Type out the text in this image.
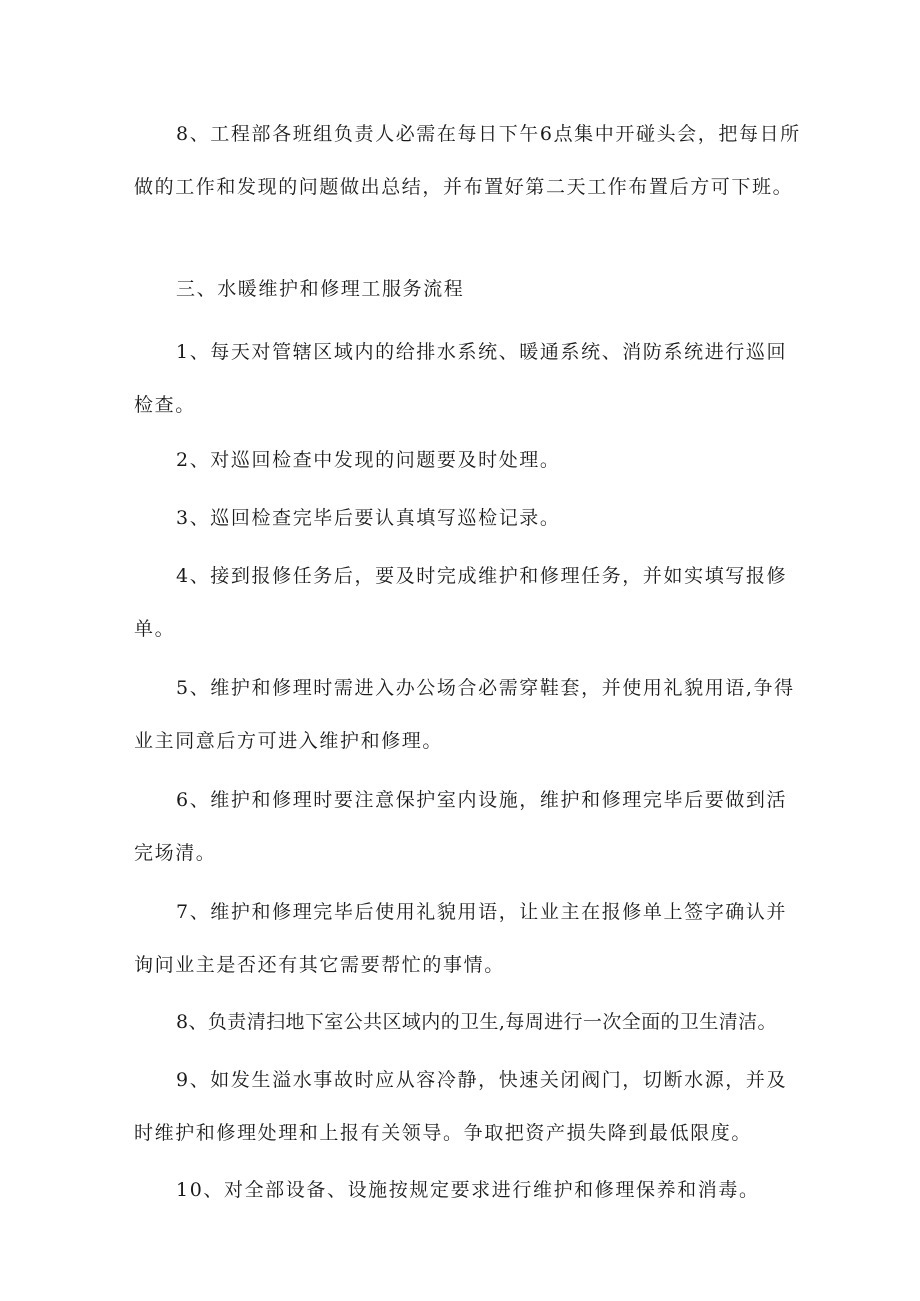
8、工程部各班组负责人必需在每日下午6点集中开碰头会，把每日所做的工作和发现的问题做出总结，并布置好第二天工作布置后方可下班。

三、水暖维护和修理工服务流程

1、每天对管辖区域内的给排水系统、暖通系统、消防系统进行巡回检查。

2、对巡回检查中发现的问题要及时处理。

3、巡回检查完毕后要认真填写巡检记录。

4、接到报修任务后，要及时完成维护和修理任务，并如实填写报修单。

5、维护和修理时需进入办公场合必需穿鞋套，并使用礼貌用语,争得业主同意后方可进入维护和修理。

6、维护和修理时要注意保护室内设施，维护和修理完毕后要做到活完场清。

7、维护和修理完毕后使用礼貌用语，让业主在报修单上签字确认并询问业主是否还有其它需要帮忙的事情。

8、负责清扫地下室公共区域内的卫生,每周进行一次全面的卫生清洁。

9、如发生溢水事故时应从容冷静，快速关闭阀门，切断水源，并及时维护和修理处理和上报有关领导。争取把资产损失降到最低限度。

10、对全部设备、设施按规定要求进行维护和修理保养和消毒。
